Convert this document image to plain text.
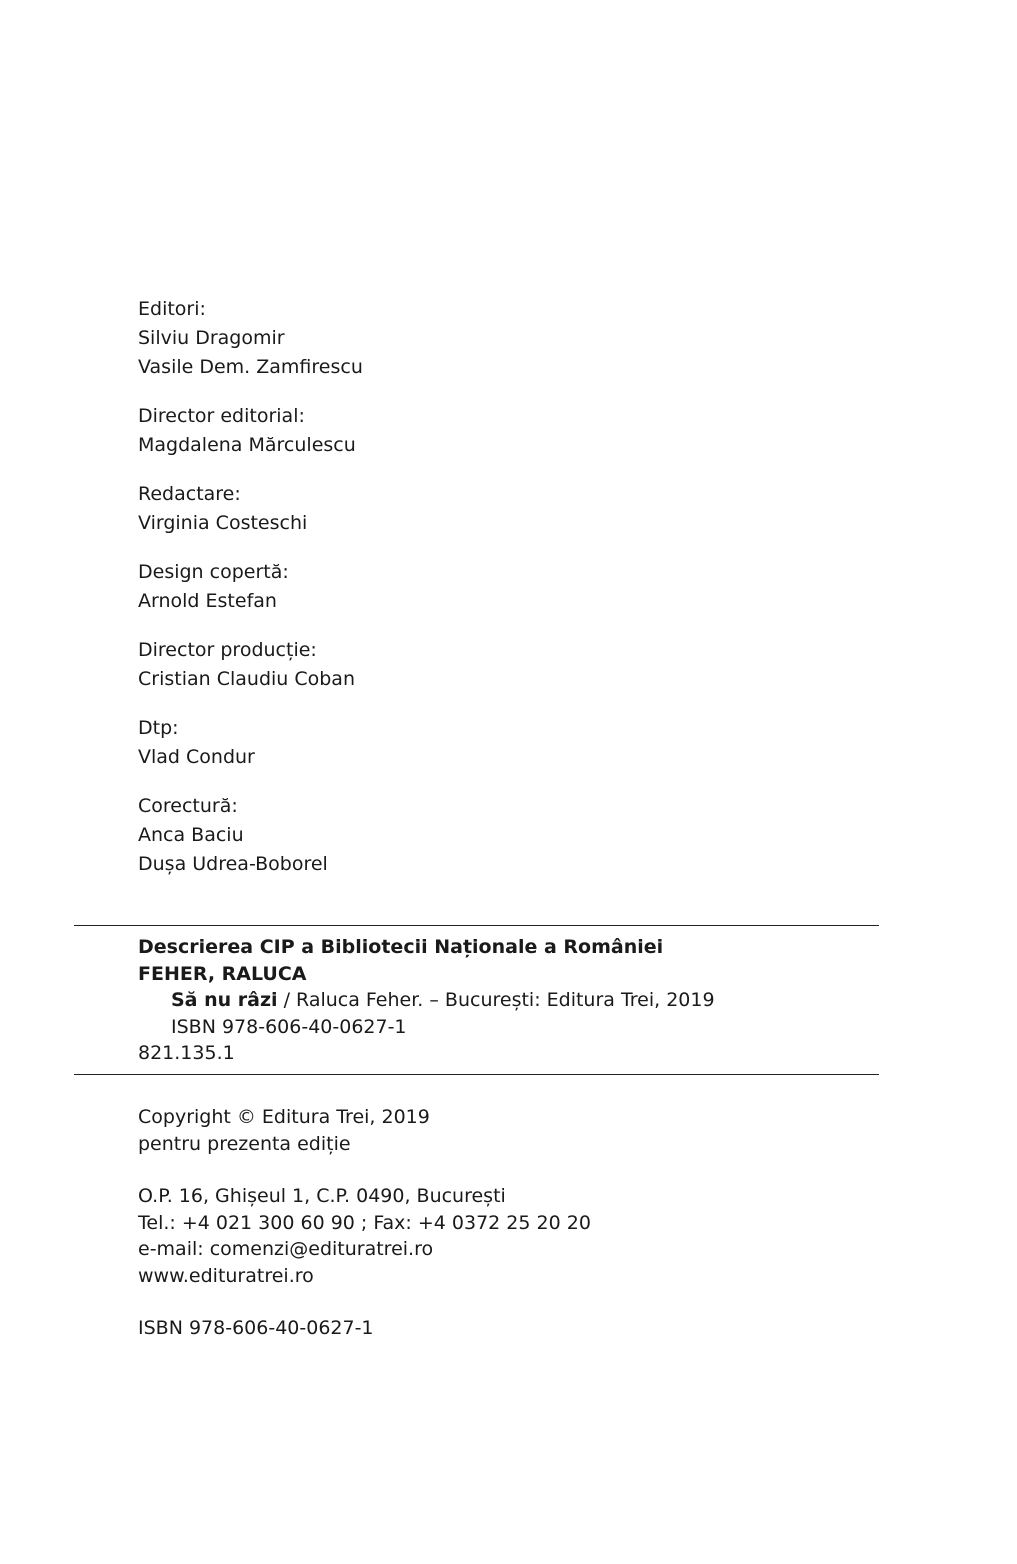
Editori:
Silviu Dragomir
Vasile Dem. Zamfirescu
Director editorial:
Magdalena Mărculescu
Redactare:
Virginia Costeschi
Design copertă:
Arnold Estefan
Director producție:
Cristian Claudiu Coban
Dtp:
Vlad Condur
Corectură:
Anca Baciu
Dușa Udrea-Boborel
Descrierea CIP a Bibliotecii Naționale a României
FEHER, RALUCA
Să nu râzi / Raluca Feher. – București: Editura Trei, 2019
ISBN 978-606-40-0627-1
821.135.1
Copyright © Editura Trei, 2019
pentru prezenta ediție
O.P. 16, Ghișeul 1, C.P. 0490, București
Tel.: +4 021 300 60 90 ; Fax: +4 0372 25 20 20
e-mail: comenzi@edituratrei.ro
www.edituratrei.ro
ISBN 978-606-40-0627-1
